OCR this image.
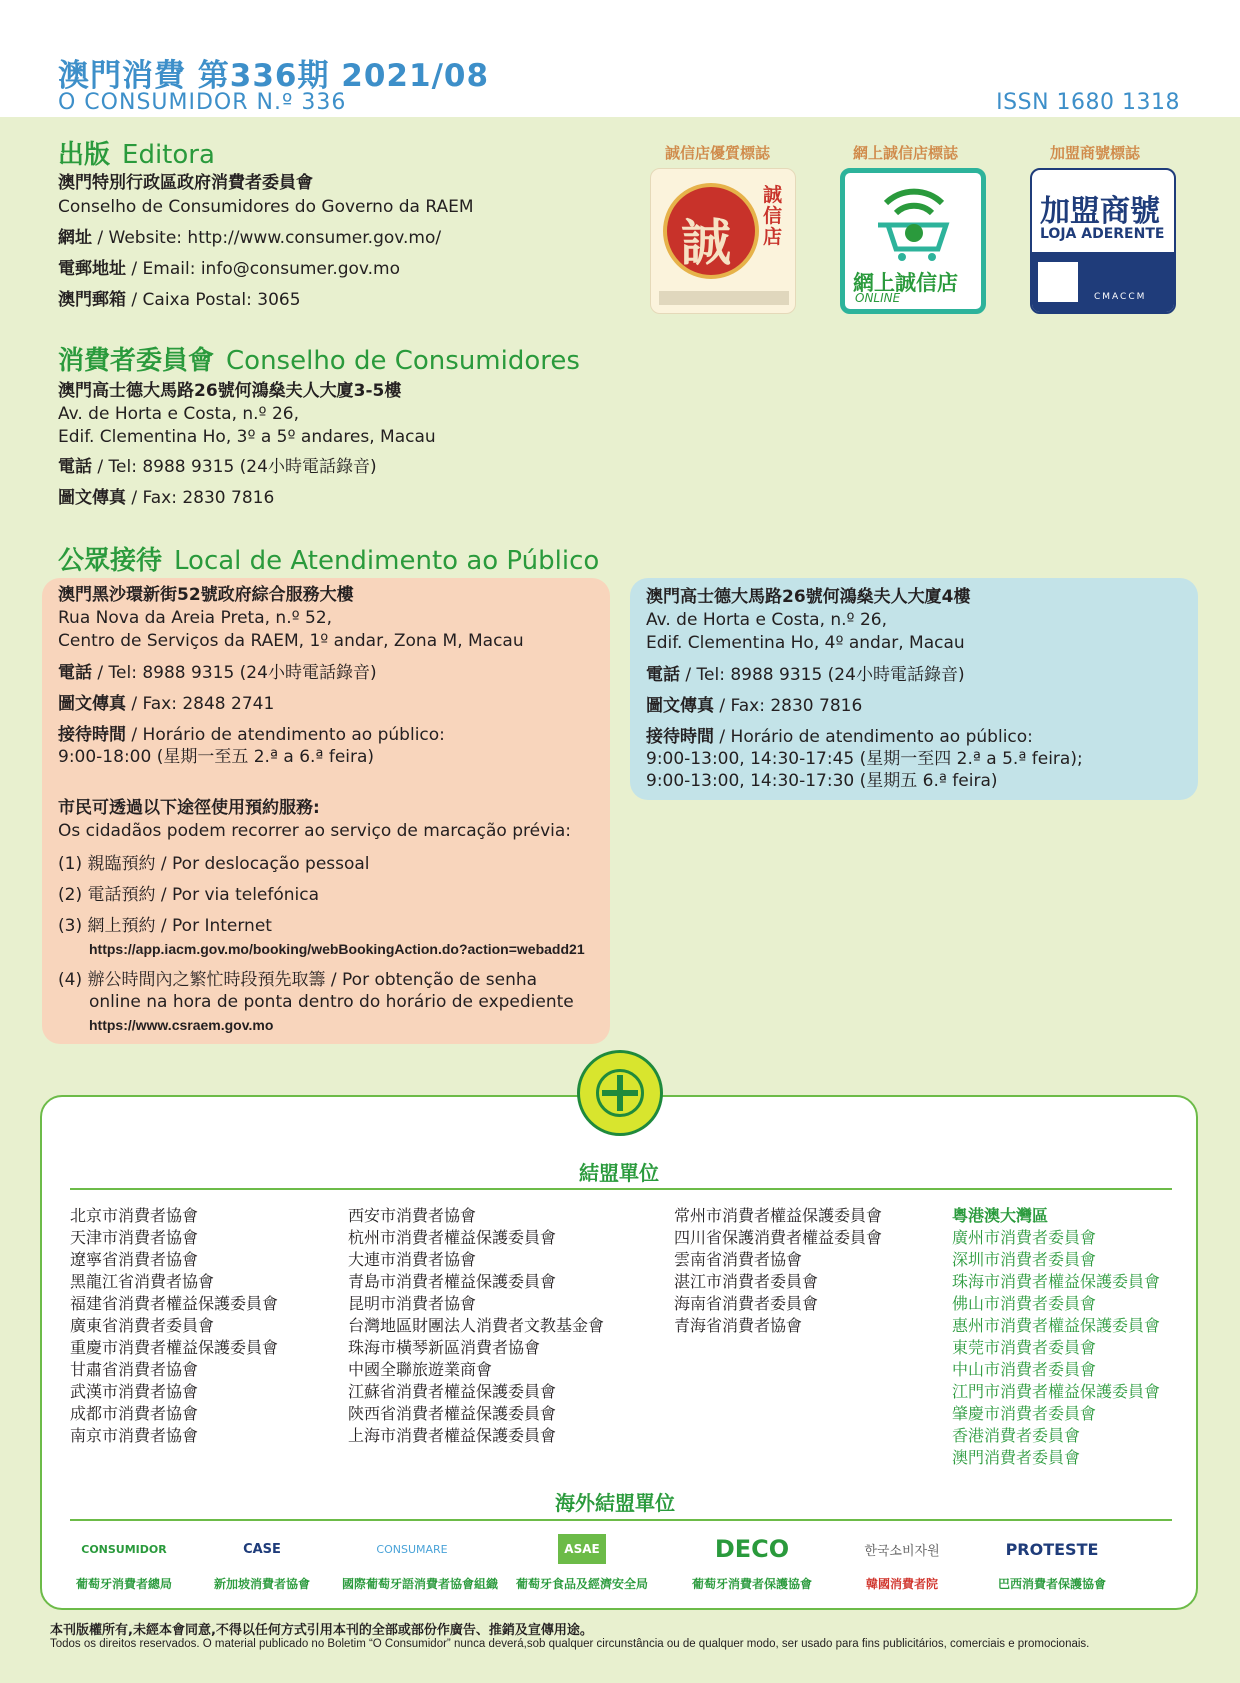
澳門消費 第336期 2021/08
O CONSUMIDOR N.º 336	ISSN 1680 1318
出版 Editora
澳門特別行政區政府消費者委員會
Conselho de Consumidores do Governo da RAEM
網址 / Website: http://www.consumer.gov.mo/
電郵地址 / Email: info@consumer.gov.mo
澳門郵箱 / Caixa Postal: 3065
誠信店優質標誌	網上誠信店標誌	加盟商號標誌
誠
誠信店
網上誠信店
ONLINE
加盟商號
LOJA ADERENTE
CMACCM
消費者委員會 Conselho de Consumidores
澳門高士德大馬路26號何鴻燊夫人大廈3-5樓
Av. de Horta e Costa, n.º 26,
Edif. Clementina Ho, 3º a 5º andares, Macau
電話 / Tel: 8988 9315 (24小時電話錄音)
圖文傳真 / Fax: 2830 7816
公眾接待 Local de Atendimento ao Público
澳門黑沙環新街52號政府綜合服務大樓
Rua Nova da Areia Preta, n.º 52,
Centro de Serviços da RAEM, 1º andar, Zona M, Macau
電話 / Tel: 8988 9315 (24小時電話錄音)
圖文傳真 / Fax: 2848 2741
接待時間 / Horário de atendimento ao público:
9:00-18:00 (星期一至五 2.ª a 6.ª feira)
市民可透過以下途徑使用預約服務:
Os cidadãos podem recorrer ao serviço de marcação prévia:
(1) 親臨預約 / Por deslocação pessoal
(2) 電話預約 / Por via telefónica
(3) 網上預約 / Por Internet
https://app.iacm.gov.mo/booking/webBookingAction.do?action=webadd21
(4) 辦公時間內之繁忙時段預先取籌 / Por obtenção de senha
online na hora de ponta dentro do horário de expediente
https://www.csraem.gov.mo
澳門高士德大馬路26號何鴻燊夫人大廈4樓
Av. de Horta e Costa, n.º 26,
Edif. Clementina Ho, 4º andar, Macau
電話 / Tel: 8988 9315 (24小時電話錄音)
圖文傳真 / Fax: 2830 7816
接待時間 / Horário de atendimento ao público:
9:00-13:00, 14:30-17:45 (星期一至四 2.ª a 5.ª feira);
9:00-13:00, 14:30-17:30 (星期五 6.ª feira)
結盟單位
北京市消費者協會
天津市消費者協會
遼寧省消費者協會
黑龍江省消費者協會
福建省消費者權益保護委員會
廣東省消費者委員會
重慶市消費者權益保護委員會
甘肅省消費者協會
武漢市消費者協會
成都市消費者協會
南京市消費者協會
西安市消費者協會
杭州市消費者權益保護委員會
大連市消費者協會
青島市消費者權益保護委員會
昆明市消費者協會
台灣地區財團法人消費者文教基金會
珠海市橫琴新區消費者協會
中國全聯旅遊業商會
江蘇省消費者權益保護委員會
陝西省消費者權益保護委員會
上海市消費者權益保護委員會
常州市消費者權益保護委員會
四川省保護消費者權益委員會
雲南省消費者協會
湛江市消費者委員會
海南省消費者委員會
青海省消費者協會
粵港澳大灣區
廣州市消費者委員會
深圳市消費者委員會
珠海市消費者權益保護委員會
佛山市消費者委員會
惠州市消費者權益保護委員會
東莞市消費者委員會
中山市消費者委員會
江門市消費者權益保護委員會
肇慶市消費者委員會
香港消費者委員會
澳門消費者委員會
海外結盟單位
CONSUMIDOR
葡萄牙消費者總局
CASE
新加坡消費者協會
CONSUMARE
國際葡萄牙語消費者協會組織
ASAE
葡萄牙食品及經濟安全局
DECO
葡萄牙消費者保護協會
한국소비자원
韓國消費者院
PROTESTE
巴西消費者保護協會
本刊版權所有,未經本會同意,不得以任何方式引用本刊的全部或部份作廣告、推銷及宣傳用途。
Todos os direitos reservados. O material publicado no Boletim “O Consumidor” nunca deverá,sob qualquer circunstância ou de qualquer modo, ser usado para fins publicitários, comerciais e promocionais.
